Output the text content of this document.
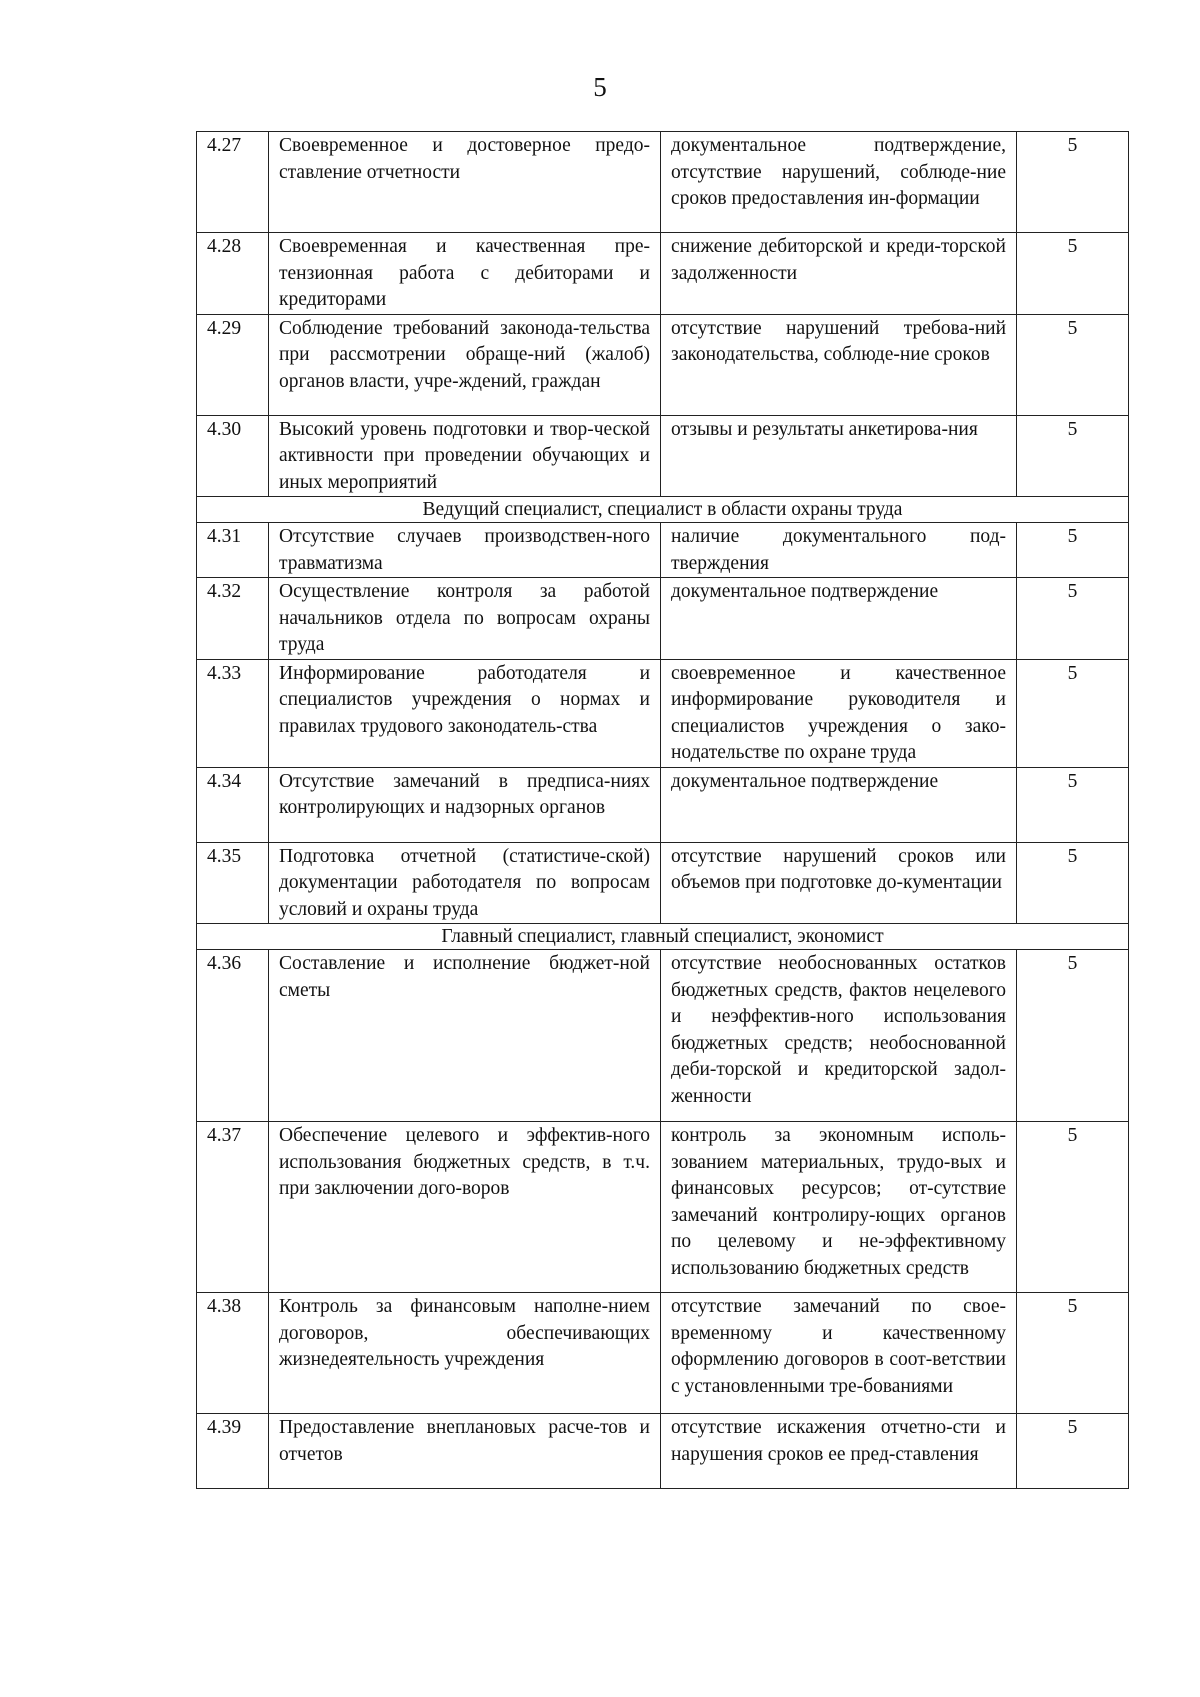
5
4.27	Своевременное и достоверное предо-ставление отчетности	документальное подтверждение, отсутствие нарушений, соблюде-ние сроков предоставления ин-формации	5
4.28	Своевременная и качественная пре-тензионная работа с дебиторами и кредиторами	снижение дебиторской и креди-торской задолженности	5
4.29	Соблюдение требований законода-тельства при рассмотрении обраще-ний (жалоб) органов власти, учре-ждений, граждан	отсутствие нарушений требова-ний законодательства, соблюде-ние сроков	5
4.30	Высокий уровень подготовки и твор-ческой активности при проведении обучающих и иных мероприятий	отзывы и результаты анкетирова-ния	5
Ведущий специалист, специалист в области охраны труда			
4.31	Отсутствие случаев производствен-ного травматизма	наличие документального под-тверждения	5
4.32	Осуществление контроля за работой начальников отдела по вопросам охраны труда	документальное подтверждение	5
4.33	Информирование работодателя и специалистов учреждения о нормах и правилах трудового законодатель-ства	своевременное и качественное информирование руководителя и специалистов учреждения о зако-нодательстве по охране труда	5
4.34	Отсутствие замечаний в предписа-ниях контролирующих и надзорных органов	документальное подтверждение	5
4.35	Подготовка отчетной (статистиче-ской) документации работодателя по вопросам условий и охраны труда	отсутствие нарушений сроков или объемов при подготовке до-кументации	5
Главный специалист, главный специалист, экономист			
4.36	Составление и исполнение бюджет-ной сметы	отсутствие необоснованных остатков бюджетных средств, фактов нецелевого и неэффектив-ного использования бюджетных средств; необоснованной деби-торской и кредиторской задол-женности	5
4.37	Обеспечение целевого и эффектив-ного использования бюджетных средств, в т.ч. при заключении дого-воров	контроль за экономным исполь-зованием материальных, трудо-вых и финансовых ресурсов; от-сутствие замечаний контролиру-ющих органов по целевому и не-эффективному использованию бюджетных средств	5
4.38	Контроль за финансовым наполне-нием договоров, обеспечивающих жизнедеятельность учреждения	отсутствие замечаний по свое-временному и качественному оформлению договоров в соот-ветствии с установленными тре-бованиями	5
4.39	Предоставление внеплановых расче-тов и отчетов	отсутствие искажения отчетно-сти и нарушения сроков ее пред-ставления	5
